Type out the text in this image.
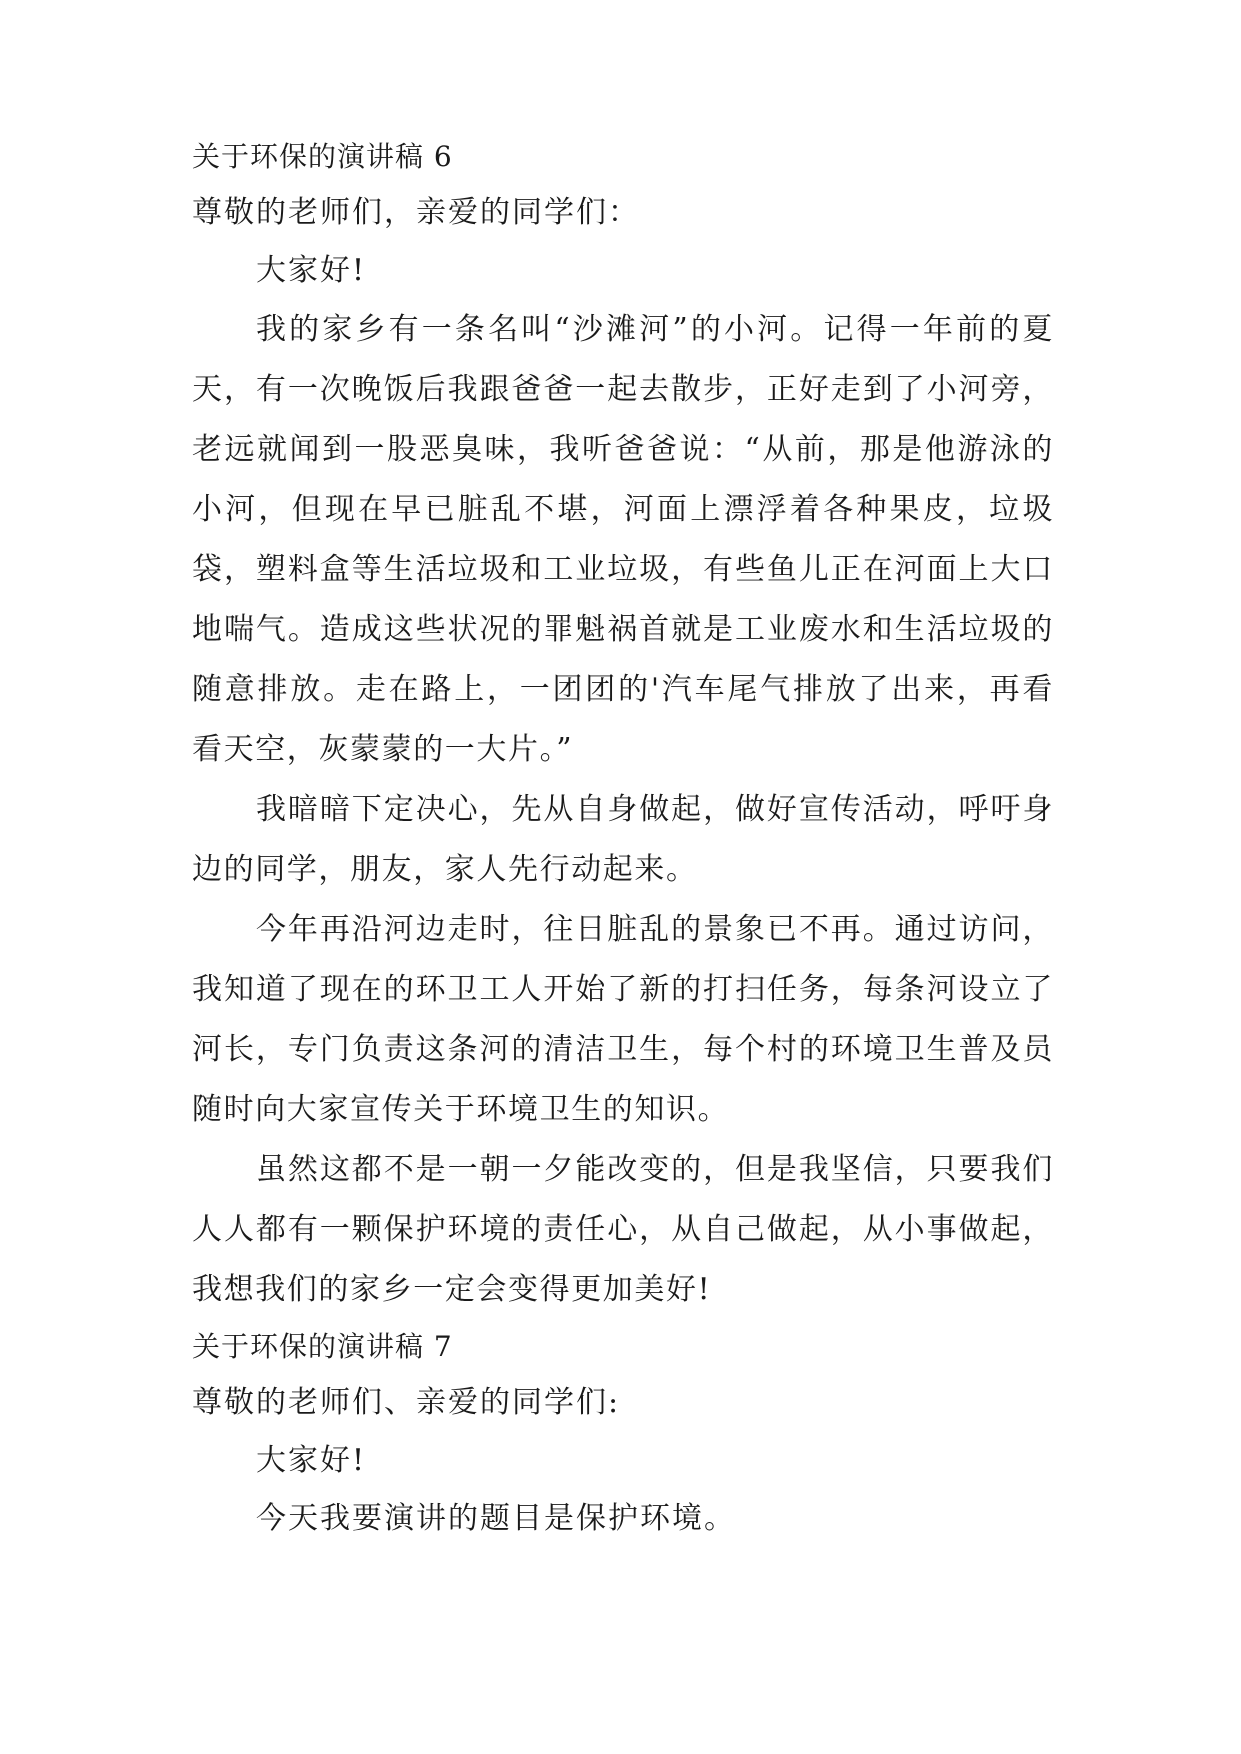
关于环保的演讲稿 6
尊敬的老师们，亲爱的同学们：
大家好!

我的家乡有一条名叫“沙滩河”的小河。记得一年前的夏天，有一次晚饭后我跟爸爸一起去散步，正好走到了小河旁，老远就闻到一股恶臭味，我听爸爸说：“从前，那是他游泳的小河，但现在早已脏乱不堪，河面上漂浮着各种果皮，垃圾袋，塑料盒等生活垃圾和工业垃圾，有些鱼儿正在河面上大口地喘气。造成这些状况的罪魁祸首就是工业废水和生活垃圾的随意排放。走在路上，一团团的'汽车尾气排放了出来，再看看天空，灰蒙蒙的一大片。”

我暗暗下定决心，先从自身做起，做好宣传活动，呼吁身边的同学，朋友，家人先行动起来。

今年再沿河边走时，往日脏乱的景象已不再。通过访问，我知道了现在的环卫工人开始了新的打扫任务，每条河设立了河长，专门负责这条河的清洁卫生，每个村的环境卫生普及员随时向大家宣传关于环境卫生的知识。

虽然这都不是一朝一夕能改变的，但是我坚信，只要我们人人都有一颗保护环境的责任心，从自己做起，从小事做起，我想我们的家乡一定会变得更加美好!

关于环保的演讲稿 7
尊敬的老师们、亲爱的同学们:
大家好!
今天我要演讲的题目是保护环境。
